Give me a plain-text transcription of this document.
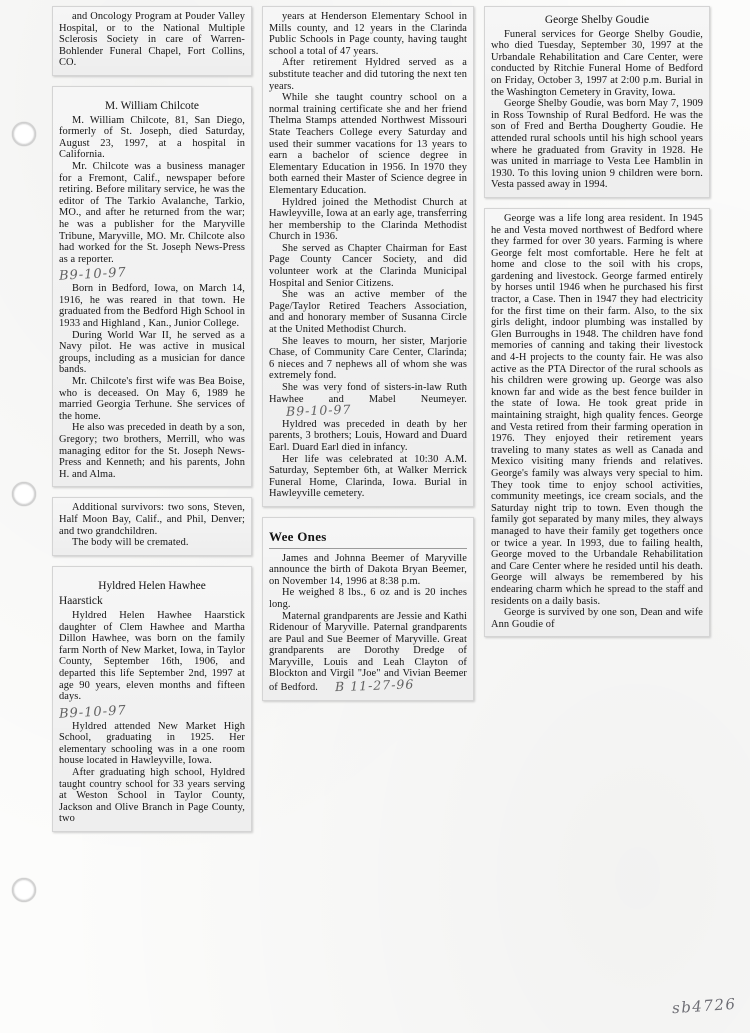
and Oncology Program at Pouder Valley Hospital, or to the National Multiple Sclerosis Society in care of Warren-Bohlender Funeral Chapel, Fort Collins, CO.

M. William Chilcote

M. William Chilcote, 81, San Diego, formerly of St. Joseph, died Saturday, August 23, 1997, at a hospital in California.

Mr. Chilcote was a business manager for a Fremont, Calif., newspaper before retiring. Before military service, he was the editor of The Tarkio Avalanche, Tarkio, MO., and after he returned from the war; he was a publisher for the Maryville Tribune, Maryville, MO. Mr. Chilcote also had worked for the St. Joseph News-Press as a reporter.

B9-10-97

Born in Bedford, Iowa, on March 14, 1916, he was reared in that town. He graduated from the Bedford High School in 1933 and Highland , Kan., Junior College.

During World War II, he served as a Navy pilot. He was active in musical groups, including as a musician for dance bands.

Mr. Chilcote's first wife was Bea Boise, who is deceased. On May 6, 1989 he married Georgia Terhune. She services of the home.

He also was preceded in death by a son, Gregory; two brothers, Merrill, who was managing editor for the St. Joseph News-Press and Kenneth; and his parents, John H. and Alma.

Additional survivors: two sons, Steven, Half Moon Bay, Calif., and Phil, Denver; and two grandchildren.

The body will be cremated.

Hyldred Helen Hawhee
Haarstick

Hyldred Helen Hawhee Haarstick daughter of Clem Hawhee and Martha Dillon Hawhee, was born on the family farm North of New Market, Iowa, in Taylor County, September 16th, 1906, and departed this life September 2nd, 1997 at age 90 years, eleven months and fifteen days.

B9-10-97

Hyldred attended New Market High School, graduating in 1925. Her elementary schooling was in a one room house located in Hawleyville, Iowa.

After graduating high school, Hyldred taught country school for 33 years serving at Weston School in Taylor County, Jackson and Olive Branch in Page County, two

years at Henderson Elementary School in Mills county, and 12 years in the Clarinda Public Schools in Page county, having taught school a total of 47 years.

After retirement Hyldred served as a substitute teacher and did tutoring the next ten years.

While she taught country school on a normal training certificate she and her friend Thelma Stamps attended Northwest Missouri State Teachers College every Saturday and used their summer vacations for 13 years to earn a bachelor of science degree in Elementary Education in 1956. In 1970 they both earned their Master of Science degree in Elementary Education.

Hyldred joined the Methodist Church at Hawleyville, Iowa at an early age, transferring her membership to the Clarinda Methodist Church in 1936.

She served as Chapter Chairman for East Page County Cancer Society, and did volunteer work at the Clarinda Municipal Hospital and Senior Citizens.

She was an active member of the Page/Taylor Retired Teachers Association, and and honorary member of Susanna Circle at the United Methodist Church.

She leaves to mourn, her sister, Marjorie Chase, of Community Care Center, Clarinda; 6 nieces and 7 nephews all of whom she was extremely fond.

She was very fond of sisters-in-law Ruth Hawhee and Mabel Neumeyer.B9-10-97

Hyldred was preceded in death by her parents, 3 brothers; Louis, Howard and Duard Earl. Duard Earl died in infancy.

Her life was celebrated at 10:30 A.M. Saturday, September 6th, at Walker Merrick Funeral Home, Clarinda, Iowa. Burial in Hawleyville cemetery.

Wee Ones

James and Johnna Beemer of Maryville announce the birth of Dakota Bryan Beemer, on November 14, 1996 at 8:38 p.m.

He weighed 8 lbs., 6 oz and is 20 inches long.

Maternal grandparents are Jessie and Kathi Ridenour of Maryville. Paternal grandparents are Paul and Sue Beemer of Maryville. Great grandparents are Dorothy Dredge of Maryville, Louis and Leah Clayton of Blockton and Virgil "Joe" and Vivian Beemer of Bedford. B 11-27-96

George Shelby Goudie

Funeral services for George Shelby Goudie, who died Tuesday, September 30, 1997 at the Urbandale Rehabilitation and Care Center, were conducted by Ritchie Funeral Home of Bedford on Friday, October 3, 1997 at 2:00 p.m. Burial in the Washington Cemetery in Gravity, Iowa.

George Shelby Goudie, was born May 7, 1909 in Ross Township of Rural Bedford. He was the son of Fred and Bertha Dougherty Goudie. He attended rural schools until his high school years where he graduated from Gravity in 1928. He was united in marriage to Vesta Lee Hamblin in 1930. To this loving union 9 children were born. Vesta passed away in 1994.

George was a life long area resident. In 1945 he and Vesta moved northwest of Bedford where they farmed for over 30 years. Farming is where George felt most comfortable. Here he felt at home and close to the soil with his crops, gardening and livestock. George farmed entirely by horses until 1946 when he purchased his first tractor, a Case. Then in 1947 they had electricity for the first time on their farm. Also, to the six girls delight, indoor plumbing was installed by Glen Burroughs in 1948. The children have fond memories of canning and taking their livestock and 4-H projects to the county fair. He was also active as the PTA Director of the rural schools as his children were growing up. George was also known far and wide as the best fence builder in the state of Iowa. He took great pride in maintaining straight, high quality fences. George and Vesta retired from their farming operation in 1976. They enjoyed their retirement years traveling to many states as well as Canada and Mexico visiting many friends and relatives. George's family was always very special to him. They took time to enjoy school activities, community meetings, ice cream socials, and the Saturday night trip to town. Even though the family got separated by many miles, they always managed to have their family get togethers once or twice a year. In 1993, due to failing health, George moved to the Urbandale Rehabilitation and Care Center where he resided until his death. George will always be remembered by his endearing charm which he spread to the staff and residents on a daily basis.

George is survived by one son, Dean and wife Ann Goudie of

sb4726
